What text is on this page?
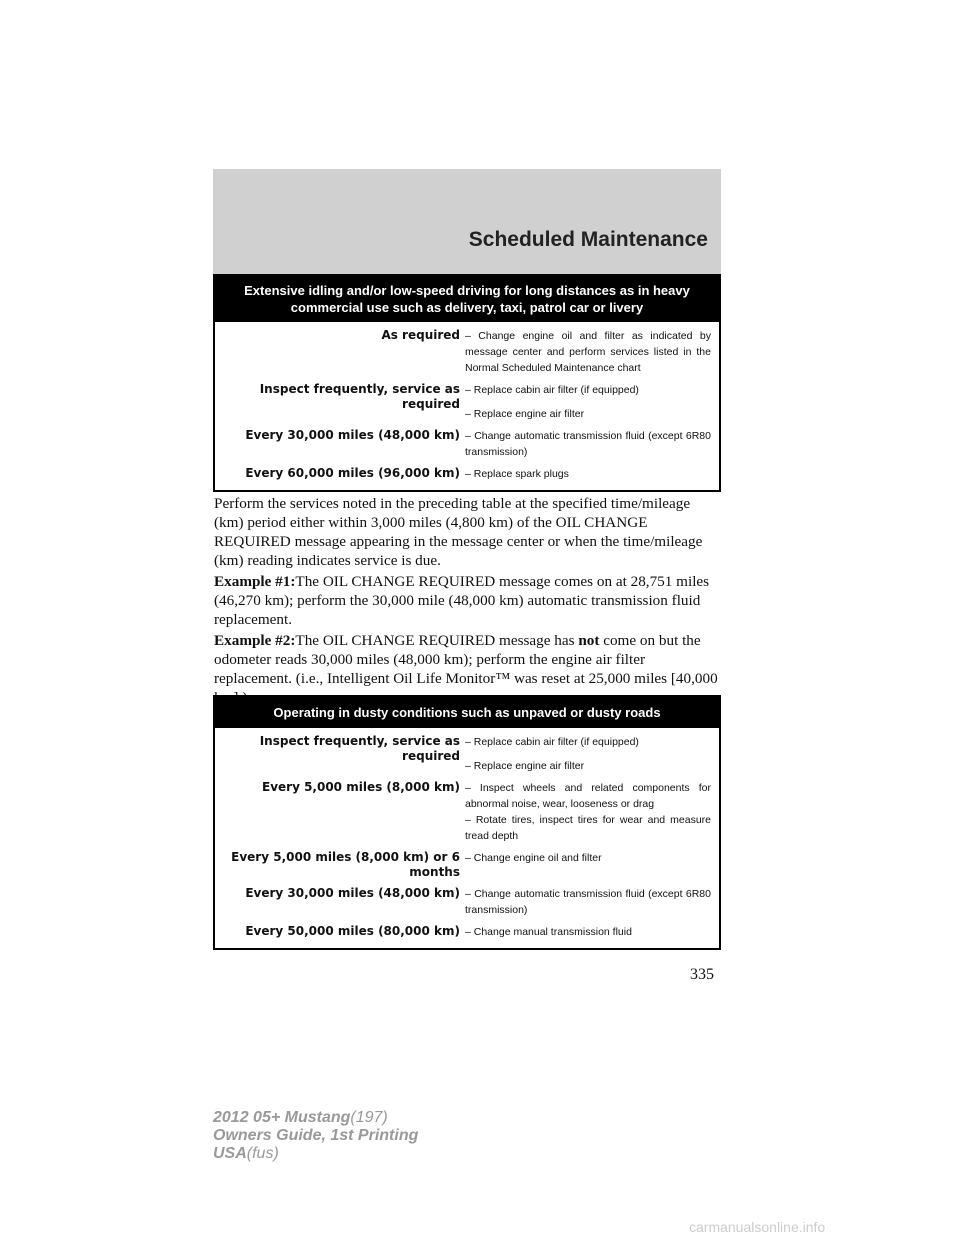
Scheduled Maintenance
Extensive idling and/or low-speed driving for long distances as in heavy commercial use such as delivery, taxi, patrol car or livery
As required – Change engine oil and filter as indicated by message center and perform services listed in the Normal Scheduled Maintenance chart
Inspect frequently, service as required
– Replace cabin air filter (if equipped)
– Replace engine air filter
Every 30,000 miles (48,000 km) – Change automatic transmission fluid (except 6R80 transmission)
Every 60,000 miles (96,000 km) – Replace spark plugs

Perform the services noted in the preceding table at the specified time/mileage (km) period either within 3,000 miles (4,800 km) of the OIL CHANGE REQUIRED message appearing in the message center or when the time/mileage (km) reading indicates service is due.

Example #1:The OIL CHANGE REQUIRED message comes on at 28,751 miles (46,270 km); perform the 30,000 mile (48,000 km) automatic transmission fluid replacement.

Example #2:The OIL CHANGE REQUIRED message has not come on but the odometer reads 30,000 miles (48,000 km); perform the engine air filter replacement. (i.e., Intelligent Oil Life Monitor™ was reset at 25,000 miles [40,000

Operating in dusty conditions such as unpaved or dusty roads
Inspect frequently, service as required
– Replace cabin air filter (if equipped)
– Replace engine air filter
Every 5,000 miles (8,000 km) – Inspect wheels and related components for abnormal noise, wear, looseness or drag
– Rotate tires, inspect tires for wear and measure tread depth
Every 5,000 miles (8,000 km) or 6 months
– Change engine oil and filter
Every 30,000 miles (48,000 km) – Change automatic transmission fluid (except 6R80 transmission)
Every 50,000 miles (80,000 km) – Change manual transmission fluid
335
2012 05+ Mustang(197)
Owners Guide, 1st Printing
USA(fus)
carmanualsonline.info
